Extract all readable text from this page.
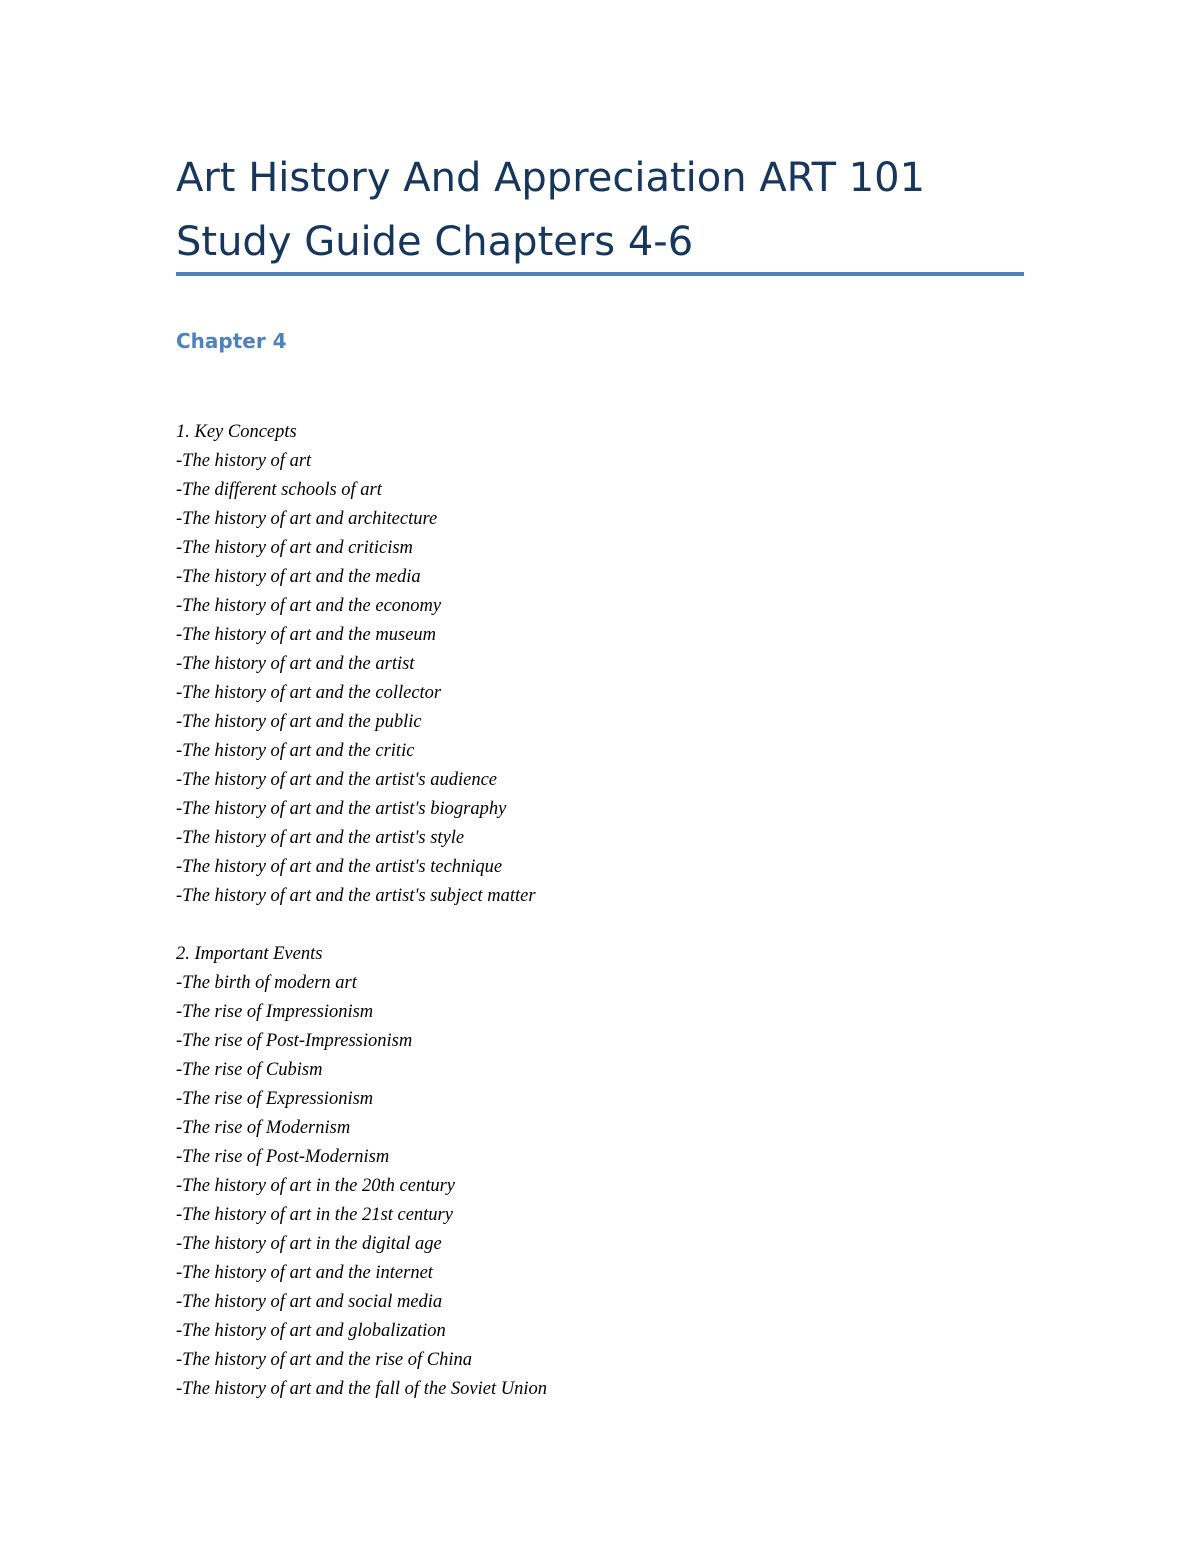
Art History And Appreciation ART 101
Study Guide Chapters 4-6
Chapter 4
1. Key Concepts
-The history of art
-The different schools of art
-The history of art and architecture
-The history of art and criticism
-The history of art and the media
-The history of art and the economy
-The history of art and the museum
-The history of art and the artist
-The history of art and the collector
-The history of art and the public
-The history of art and the critic
-The history of art and the artist's audience
-The history of art and the artist's biography
-The history of art and the artist's style
-The history of art and the artist's technique
-The history of art and the artist's subject matter
2. Important Events
-The birth of modern art
-The rise of Impressionism
-The rise of Post-Impressionism
-The rise of Cubism
-The rise of Expressionism
-The rise of Modernism
-The rise of Post-Modernism
-The history of art in the 20th century
-The history of art in the 21st century
-The history of art in the digital age
-The history of art and the internet
-The history of art and social media
-The history of art and globalization
-The history of art and the rise of China
-The history of art and the fall of the Soviet Union
